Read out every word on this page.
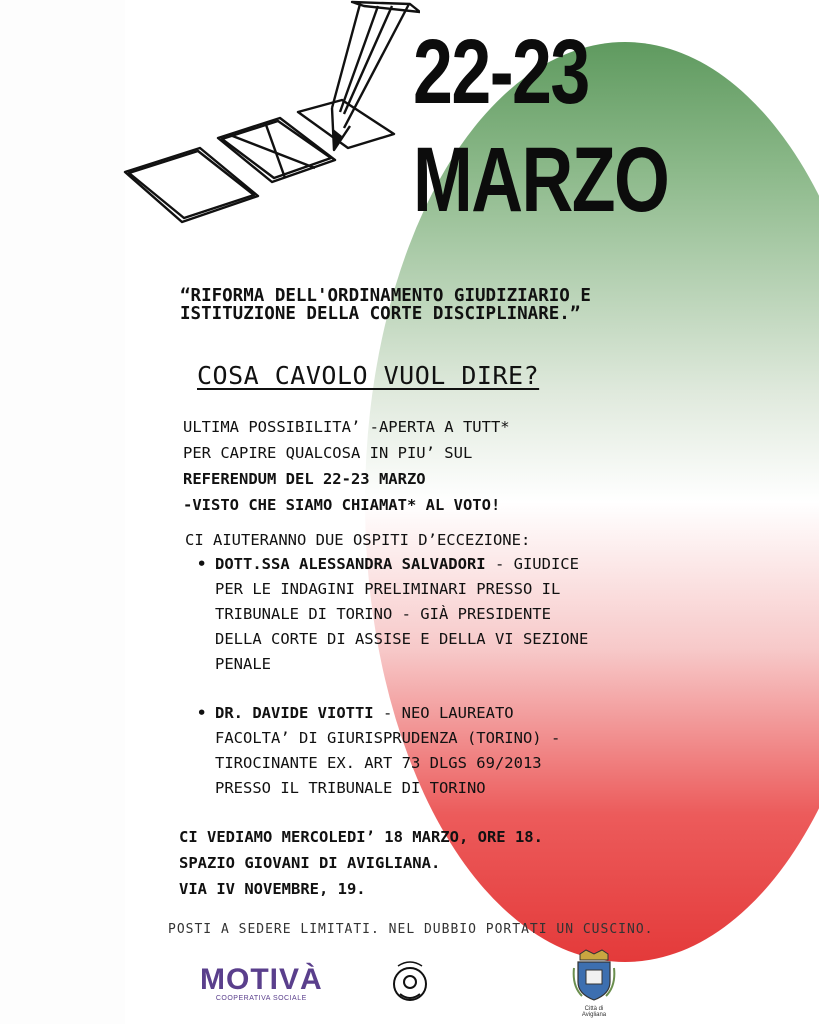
22-23
MARZO
“RIFORMA DELL'ORDINAMENTO GIUDIZIARIO E ISTITUZIONE DELLA CORTE DISCIPLINARE.”
COSA CAVOLO VUOL DIRE?
ULTIMA POSSIBILITA’ -APERTA A TUTT*
PER CAPIRE QUALCOSA IN PIU’ SUL
REFERENDUM DEL 22-23 MARZO
-VISTO CHE SIAMO CHIAMAT* AL VOTO!
CI AIUTERANNO DUE OSPITI D’ECCEZIONE:
• DOTT.SSA ALESSANDRA SALVADORI - GIUDICE
PER LE INDAGINI PRELIMINARI PRESSO IL
TRIBUNALE DI TORINO - GIÀ PRESIDENTE
DELLA CORTE DI ASSISE E DELLA VI SEZIONE
PENALE
• DR. DAVIDE VIOTTI - NEO LAUREATO
FACOLTA’ DI GIURISPRUDENZA (TORINO) -
TIROCINANTE EX. ART 73 DLGS 69/2013
PRESSO IL TRIBUNALE DI TORINO
CI VEDIAMO MERCOLEDI’ 18 MARZO, ORE 18.
SPAZIO GIOVANI DI AVIGLIANA.
VIA IV NOVEMBRE, 19.
POSTI A SEDERE LIMITATI. NEL DUBBIO PORTATI UN CUSCINO.
MOTIVÀ
COOPERATIVA SOCIALE
Città di Avigliana
